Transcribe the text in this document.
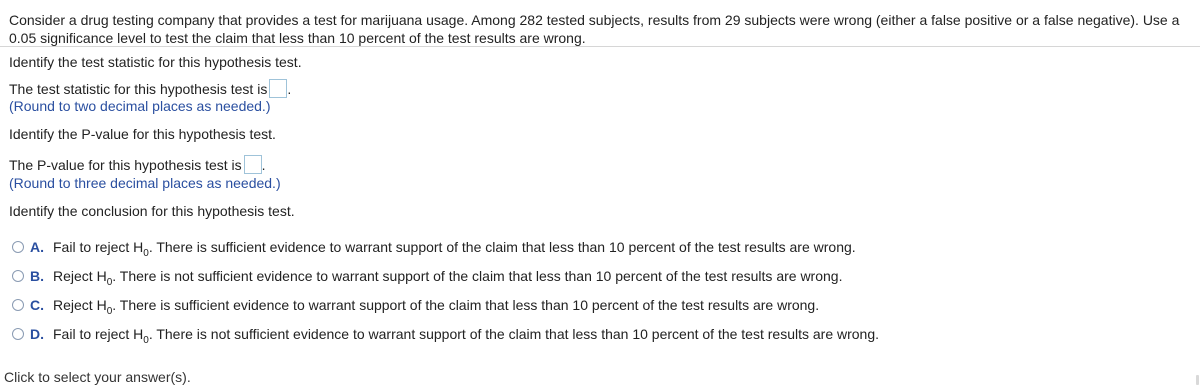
Consider a drug testing company that provides a test for marijuana usage. Among 282 tested subjects, results from 29 subjects were wrong (either a false positive or a false negative). Use a 0.05 significance level to test the claim that less than 10 percent of the test results are wrong.
Identify the test statistic for this hypothesis test.
The test statistic for this hypothesis test is .
(Round to two decimal places as needed.)
Identify the P-value for this hypothesis test.
The P-value for this hypothesis test is .
(Round to three decimal places as needed.)
Identify the conclusion for this hypothesis test.
A. Fail to reject $H_0$. There is sufficient evidence to warrant support of the claim that less than 10 percent of the test results are wrong.
B. Reject $H_0$. There is not sufficient evidence to warrant support of the claim that less than 10 percent of the test results are wrong.
C. Reject $H_0$. There is sufficient evidence to warrant support of the claim that less than 10 percent of the test results are wrong.
D. Fail to reject $H_0$. There is not sufficient evidence to warrant support of the claim that less than 10 percent of the test results are wrong.
Click to select your answer(s).
